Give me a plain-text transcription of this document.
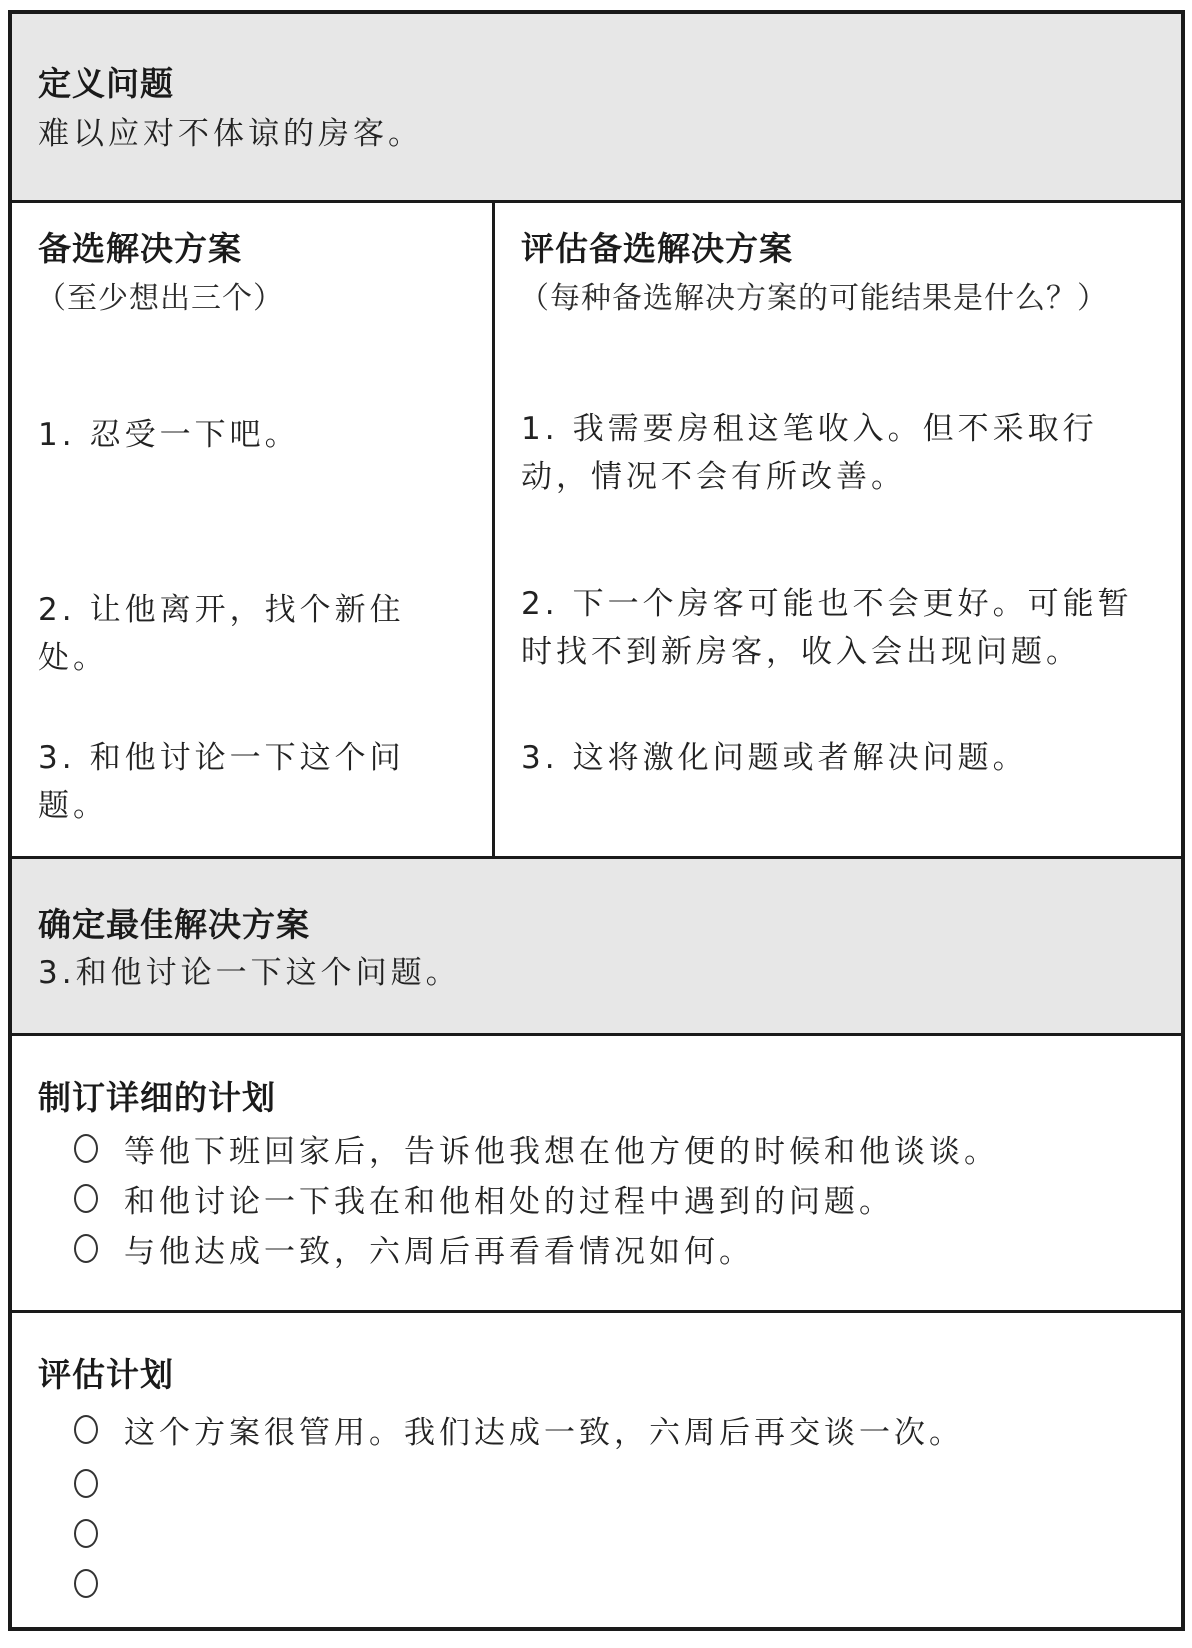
定义问题
难以应对不体谅的房客。
备选解决方案
（至少想出三个）

1. 忍受一下吧。

2. 让他离开，找个新住处。

3. 和他讨论一下这个问题。

评估备选解决方案
（每种备选解决方案的可能结果是什么？）

1. 我需要房租这笔收入。但不采取行动，情况不会有所改善。

2. 下一个房客可能也不会更好。可能暂时找不到新房客，收入会出现问题。

3. 这将激化问题或者解决问题。

确定最佳解决方案
3.和他讨论一下这个问题。
制订详细的计划
等他下班回家后，告诉他我想在他方便的时候和他谈谈。
和他讨论一下我在和他相处的过程中遇到的问题。
与他达成一致，六周后再看看情况如何。
评估计划
这个方案很管用。我们达成一致，六周后再交谈一次。
